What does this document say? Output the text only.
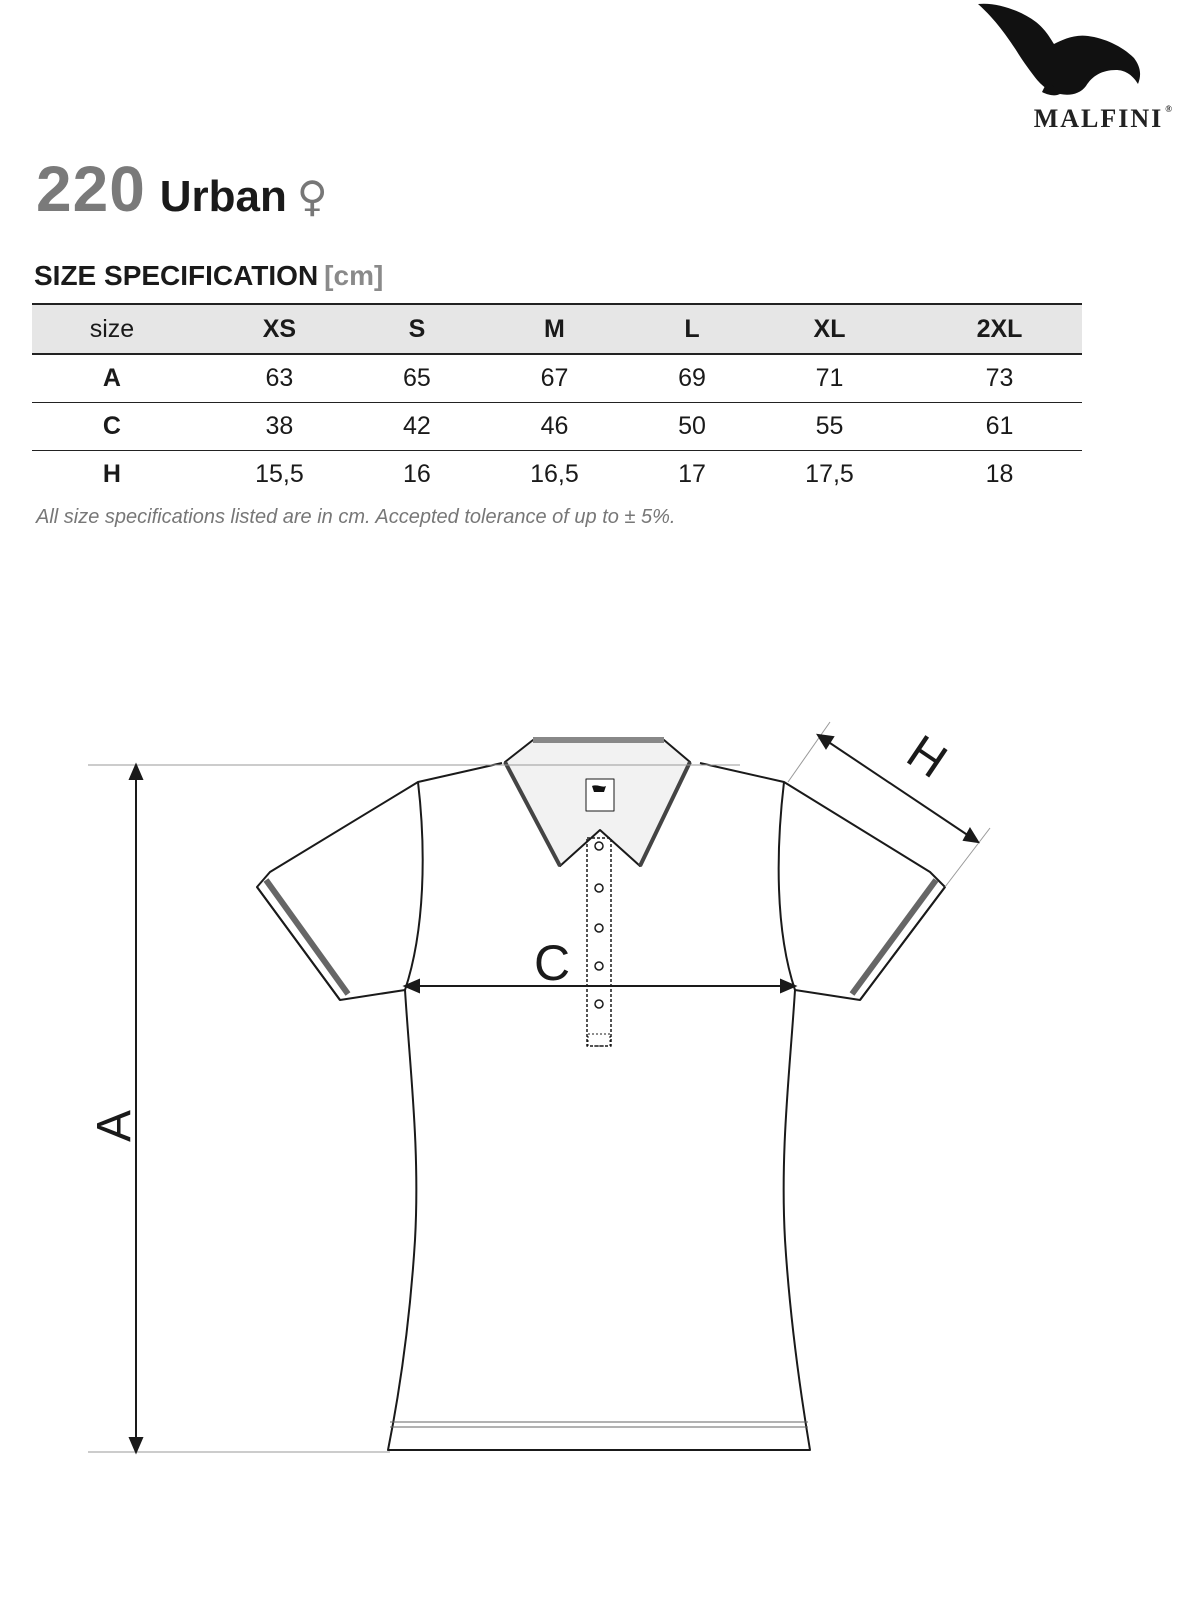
MALFINI ®
220 Urban ♀
SIZE SPECIFICATION [cm]
size	XS	S	M	L	XL	2XL
A	63	65	67	69	71	73
C	38	42	46	50	55	61
H	15,5	16	16,5	17	17,5	18
All size specifications listed are in cm. Accepted tolerance of up to ± 5%.
A
C
H
